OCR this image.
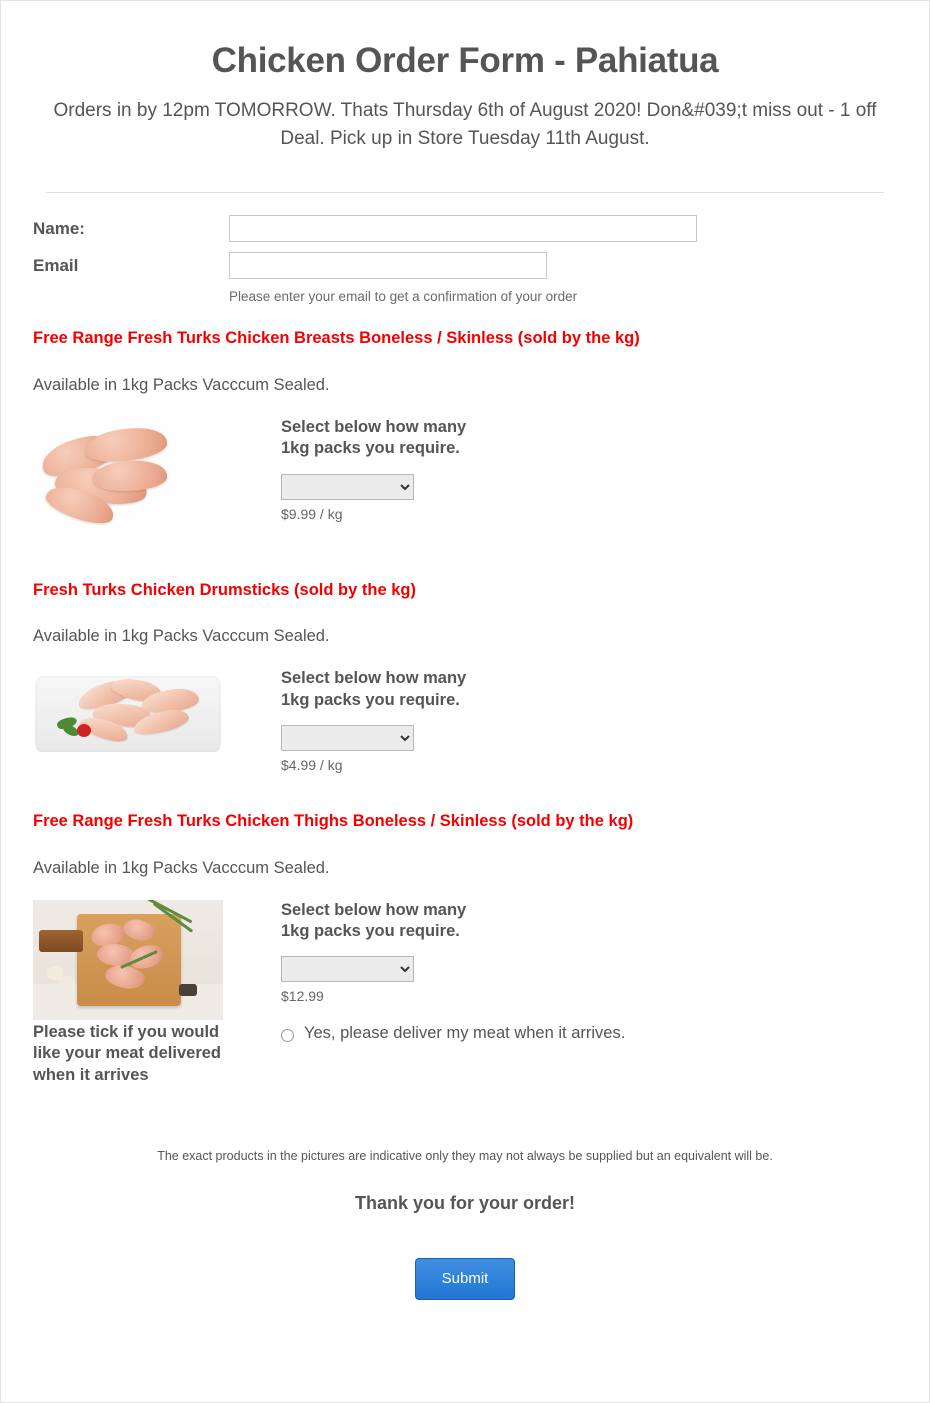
Chicken Order Form - Pahiatua
Orders in by 12pm TOMORROW. Thats Thursday 6th of August 2020! Don&#039;t miss out - 1 off Deal. Pick up in Store Tuesday 11th August.
Name:
Email
Please enter your email to get a confirmation of your order
Free Range Fresh Turks Chicken Breasts Boneless / Skinless (sold by the kg)
Available in 1kg Packs Vacccum Sealed.
Select below how many 1kg packs you require.
$9.99 / kg
Fresh Turks Chicken Drumsticks (sold by the kg)
Available in 1kg Packs Vacccum Sealed.
Select below how many 1kg packs you require.
$4.99 / kg
Free Range Fresh Turks Chicken Thighs Boneless / Skinless (sold by the kg)
Available in 1kg Packs Vacccum Sealed.
Select below how many 1kg packs you require.
$12.99
Please tick if you would like your meat delivered when it arrives
Yes, please deliver my meat when it arrives.
The exact products in the pictures are indicative only they may not always be supplied but an equivalent will be.
Thank you for your order!
Submit
